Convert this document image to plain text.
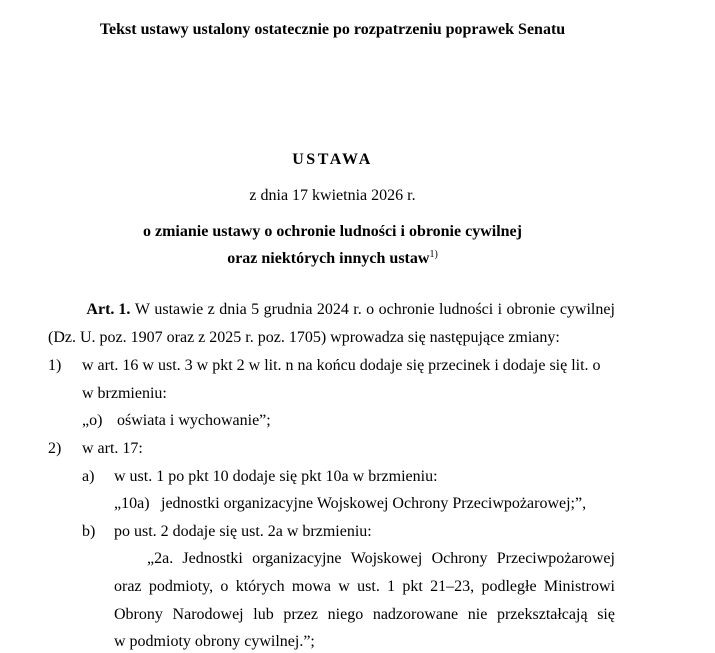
Tekst ustawy ustalony ostatecznie po rozpatrzeniu poprawek Senatu
USTAWA
z dnia 17 kwietnia 2026 r.
o zmianie ustawy o ochronie ludności i obronie cywilnej
oraz niektórych innych ustaw$^{1)}$
Art. 1. W ustawie z dnia 5 grudnia 2024 r. o ochronie ludności i obronie cywilnej
(Dz. U. poz. 1907 oraz z 2025 r. poz. 1705) wprowadza się następujące zmiany:
1) w art. 16 w ust. 3 w pkt 2 w lit. n na końcu dodaje się przecinek i dodaje się lit. o
w brzmieniu:
„o) oświata i wychowanie”;
2) w art. 17:
a) w ust. 1 po pkt 10 dodaje się pkt 10a w brzmieniu:
„10a) jednostki organizacyjne Wojskowej Ochrony Przeciwpożarowej;”,
b) po ust. 2 dodaje się ust. 2a w brzmieniu:
„2a. Jednostki organizacyjne Wojskowej Ochrony Przeciwpożarowej
oraz podmioty, o których mowa w ust. 1 pkt 21–23, podległe Ministrowi
Obrony Narodowej lub przez niego nadzorowane nie przekształcają się
w podmioty obrony cywilnej.”;
